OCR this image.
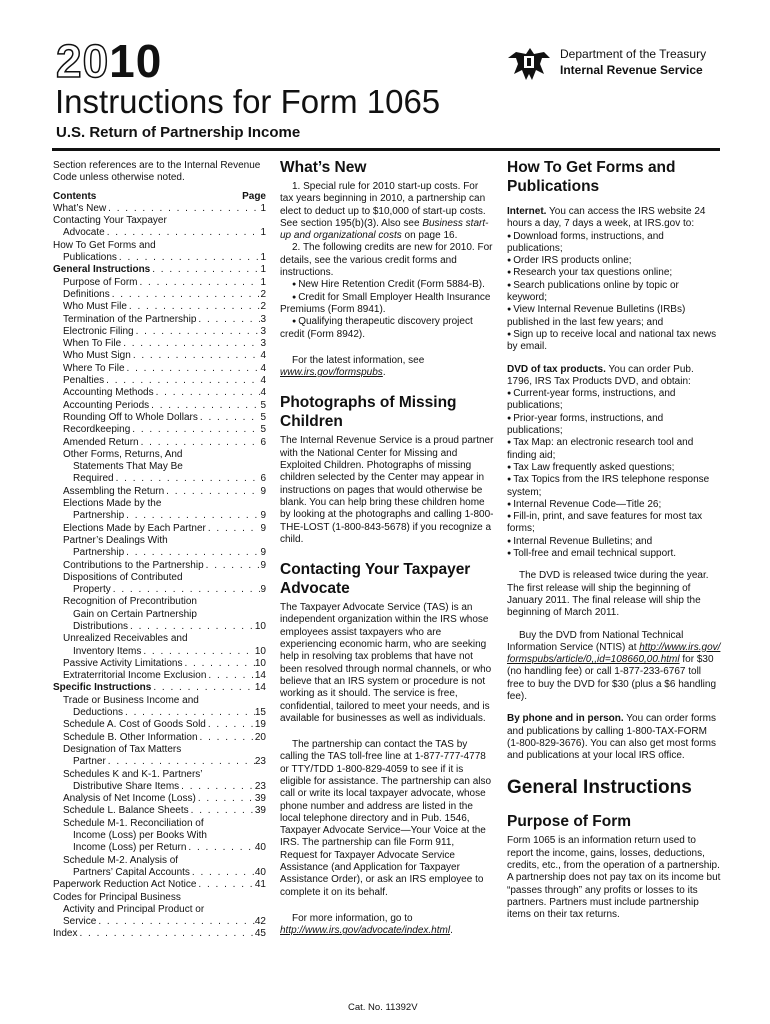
2010	Department of the Treasury
Internal Revenue Service
Instructions for Form 1065
U.S. Return of Partnership Income

Section references are to the Internal Revenue Code unless otherwise noted.

Contents	Page
What’s New . . .	1
Contacting Your Taxpayer
Advocate . . .	1
How To Get Forms and
Publications . . .	1
General Instructions . . .	1
Purpose of Form . . .	1
Definitions . . .	2
Who Must File . . .	2
Termination of the Partnership . . .	3
Electronic Filing . . .	3
When To File . . .	3
Who Must Sign . . .	4
Where To File . . .	4
Penalties . . .	4
Accounting Methods . . .	4
Accounting Periods . . .	5
Rounding Off to Whole Dollars . . .	5
Recordkeeping . . .	5
Amended Return . . .	6
Other Forms, Returns, And
Statements That May Be
Required . . .	6
Assembling the Return . . .	9
Elections Made by the
Partnership . . .	9
Elections Made by Each Partner . . .	9
Partner’s Dealings With
Partnership . . .	9
Contributions to the Partnership . . .	9
Dispositions of Contributed
Property . . .	9
Recognition of Precontribution
Gain on Certain Partnership
Distributions . . .	10
Unrealized Receivables and
Inventory Items . . .	10
Passive Activity Limitations . . .	10
Extraterritorial Income Exclusion . . .	14
Specific Instructions . . .	14
Trade or Business Income and
Deductions . . .	15
Schedule A. Cost of Goods Sold . . .	19
Schedule B. Other Information . . .	20
Designation of Tax Matters
Partner . . .	23
Schedules K and K-1. Partners’
Distributive Share Items . . .	23
Analysis of Net Income (Loss) . . .	39
Schedule L. Balance Sheets . . .	39
Schedule M-1. Reconciliation of
Income (Loss) per Books With
Income (Loss) per Return . . .	40
Schedule M-2. Analysis of
Partners’ Capital Accounts . . .	40
Paperwork Reduction Act Notice . . .	41
Codes for Principal Business
Activity and Principal Product or
Service . . .	42
Index . . .	45
What’s New

1. Special rule for 2010 start-up costs. For tax years beginning in 2010, a partnership can elect to deduct up to $10,000 of start-up costs. See section 195(b)(3). Also see Business start-up and organizational costs on page 16.

2. The following credits are new for 2010. For details, see the various credit forms and instructions.

● New Hire Retention Credit (Form 5884-B).

● Credit for Small Employer Health Insurance Premiums (Form 8941).

● Qualifying therapeutic discovery project credit (Form 8942).

For the latest information, see www.irs.gov/formspubs.

Photographs of Missing Children

The Internal Revenue Service is a proud partner with the National Center for Missing and Exploited Children. Photographs of missing children selected by the Center may appear in instructions on pages that would otherwise be blank. You can help bring these children home by looking at the photographs and calling 1-800-THE-LOST (1-800-843-5678) if you recognize a child.

Contacting Your Taxpayer Advocate

The Taxpayer Advocate Service (TAS) is an independent organization within the IRS whose employees assist taxpayers who are experiencing economic harm, who are seeking help in resolving tax problems that have not been resolved through normal channels, or who believe that an IRS system or procedure is not working as it should. The service is free, confidential, tailored to meet your needs, and is available for businesses as well as individuals.

The partnership can contact the TAS by calling the TAS toll-free line at 1-877-777-4778 or TTY/TDD 1-800-829-4059 to see if it is eligible for assistance. The partnership can also call or write its local taxpayer advocate, whose phone number and address are listed in the local telephone directory and in Pub. 1546, Taxpayer Advocate Service—Your Voice at the IRS. The partnership can file Form 911, Request for Taxpayer Advocate Service Assistance (and Application for Taxpayer Assistance Order), or ask an IRS employee to complete it on its behalf.

For more information, go to http://www.irs.gov/advocate/index.html.

How To Get Forms and Publications

Internet. You can access the IRS website 24 hours a day, 7 days a week, at IRS.gov to:

● Download forms, instructions, and publications;

● Order IRS products online;

● Research your tax questions online;

● Search publications online by topic or keyword;

● View Internal Revenue Bulletins (IRBs) published in the last few years; and

● Sign up to receive local and national tax news by email.

DVD of tax products. You can order Pub. 1796, IRS Tax Products DVD, and obtain:

● Current-year forms, instructions, and publications;

● Prior-year forms, instructions, and publications;

● Tax Map: an electronic research tool and finding aid;

● Tax Law frequently asked questions;

● Tax Topics from the IRS telephone response system;

● Internal Revenue Code—Title 26;

● Fill-in, print, and save features for most tax forms;

● Internal Revenue Bulletins; and

● Toll-free and email technical support.

The DVD is released twice during the year. The first release will ship the beginning of January 2011. The final release will ship the beginning of March 2011.

Buy the DVD from National Technical Information Service (NTIS) at http://www.irs.gov/formspubs/article/0,,id=108660,00.html for $30 (no handling fee) or call 1-877-233-6767 toll free to buy the DVD for $30 (plus a $6 handling fee).

By phone and in person. You can order forms and publications by calling 1-800-TAX-FORM (1-800-829-3676). You can also get most forms and publications at your local IRS office.

General Instructions
Purpose of Form

Form 1065 is an information return used to report the income, gains, losses, deductions, credits, etc., from the operation of a partnership. A partnership does not pay tax on its income but “passes through” any profits or losses to its partners. Partners must include partnership items on their tax returns.

Cat. No. 11392V
